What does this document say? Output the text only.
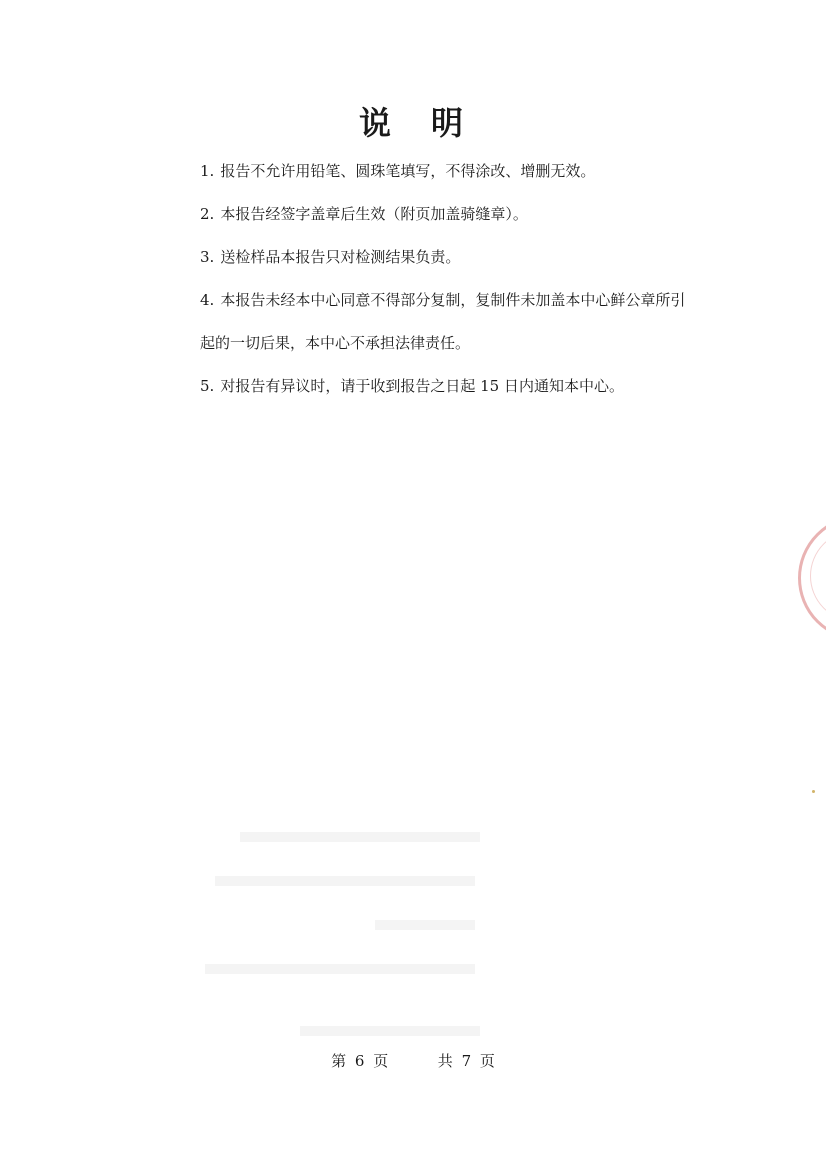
说　明
1. 报告不允许用铅笔、圆珠笔填写，不得涂改、增删无效。
2. 本报告经签字盖章后生效（附页加盖骑缝章）。
3. 送检样品本报告只对检测结果负责。
4. 本报告未经本中心同意不得部分复制，复制件未加盖本中心鲜公章所引
起的一切后果，本中心不承担法律责任。
5. 对报告有异议时，请于收到报告之日起 15 日内通知本中心。
第 6 页	共 7 页
